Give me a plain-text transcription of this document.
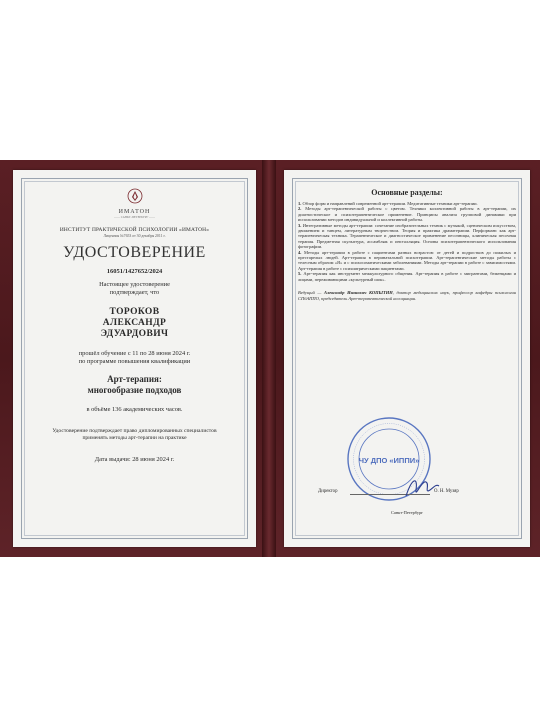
ИМАТОН
—— САНКТ-ПЕТЕРБУРГ ——
ИНСТИТУТ ПРАКТИЧЕСКОЙ ПСИХОЛОГИИ «ИМАТОН»
Лицензия №7653 от 30 декабря 2011 г.
УДОСТОВЕРЕНИЕ
16051/1427652/2024
Настоящее удостоверение
подтверждает, что
ТОРОКОВ
АЛЕКСАНДР
ЭДУАРДОВИЧ
прошёл обучение с 11 по 28 июня 2024 г.
по программе повышения квалификации
Арт-терапия:
многообразие подходов
в объёме 136 академических часов.
Удостоверение подтверждает право дипломированных специалистов
применять методы арт-терапии на практике
Дата выдачи: 28 июня 2024 г.
Основные разделы:

1. Обзор форм и направлений современной арт-терапии. Медитативные техники арт-терапии.

2. Методы арт-терапевтической работы с цветом. Техники коллективной работы в арт-терапии, их диагностическое и психотерапевтическое применение. Принципы анализа групповой динамики при использовании методов индивидуальной и коллективной работы.

3. Интегративные методы арт-терапии: сочетание изобразительных техник с музыкой, сценическим искусством, движением и танцем, литературным творчеством. Теория и практика драматерапии. Перформанс как арт-терапевтическая техника. Терапевтическое и диагностическое применение песочницы, клиническая песочная терапия. Предметная скульптура, ассамбляж и инсталляция. Основы психотерапевтического использования фотографии.

4. Методы арт-терапии в работе с пациентами разных возрастов: от детей и подростков до пожилых и престарелых людей. Арт-терапия в перинатальной психотерапии. Арт-терапевтические методы работы с телесным образом «Я» и с психосоматическими заболеваниями. Методы арт-терапии в работе с зависимостями. Арт-терапия в работе с психиатрическими пациентами.

5. Арт-терапия как инструмент межкультурного общения. Арт-терапия в работе с мигрантами, беженцами и лицами, переживающими «культурный шок».

Ведущий — Александр Иванович КОПЫТИН, доктор медицинских наук, профессор кафедры психологии СПбАППО, председатель Арт-терапевтической ассоциации.

ЧУ ДПО «ИППИ»
Директор	О. Н. Музяр
Санкт-Петербург
